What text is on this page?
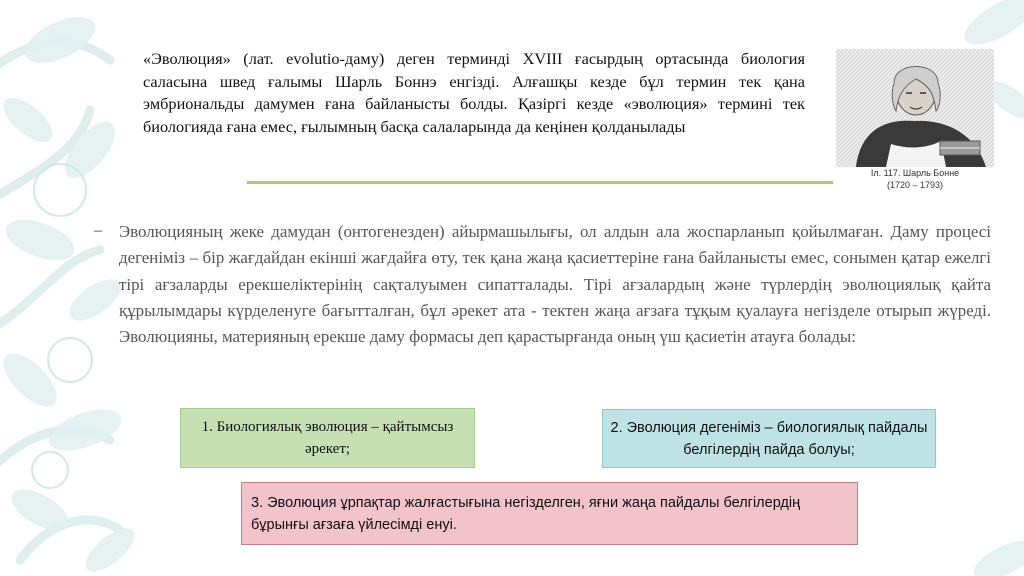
«Эволюция» (лат. evolutio-даму) деген терминді XVIII ғасырдың ортасында биология саласына швед ғалымы Шарль Боннэ енгізді. Алғашқы кезде бұл термин тек қана эмбриональды дамумен ғана байланысты болды. Қазіргі кезде «эволюция» термині тек биологияда ғана емес, ғылымның басқа салаларында да кеңінен қолданылады

Іл. 117. Шарль Бонне
(1720 – 1793)
– Эволюцияның жеке дамудан (онтогенезден) айырмашылығы, ол алдын ала жоспарланып қойылмаған. Даму процесі дегеніміз – бір жағдайдан екінші жағдайға өту, тек қана жаңа қасиеттеріне ғана байланысты емес, сонымен қатар ежелгі тірі ағзаларды ерекшеліктерінің сақталуымен сипатталады. Тірі ағзалардың және түрлердің эволюциялық қайта құрылымдары күрделенуге бағытталған, бұл әрекет ата - тектен жаңа ағзаға тұқым қуалауға негізделе отырып жүреді. Эволюцияны, материяның ерекше даму формасы деп қарастырғанда оның үш қасиетін атауға болады:

1. Биологиялық эволюция – қайтымсыз әрекет;
2. Эволюция дегеніміз – биологиялық пайдалы белгілердің пайда болуы;
3. Эволюция ұрпақтар жалғастығына негізделген, яғни жаңа пайдалы белгілердің бұрынғы ағзаға үйлесімді енуі.
